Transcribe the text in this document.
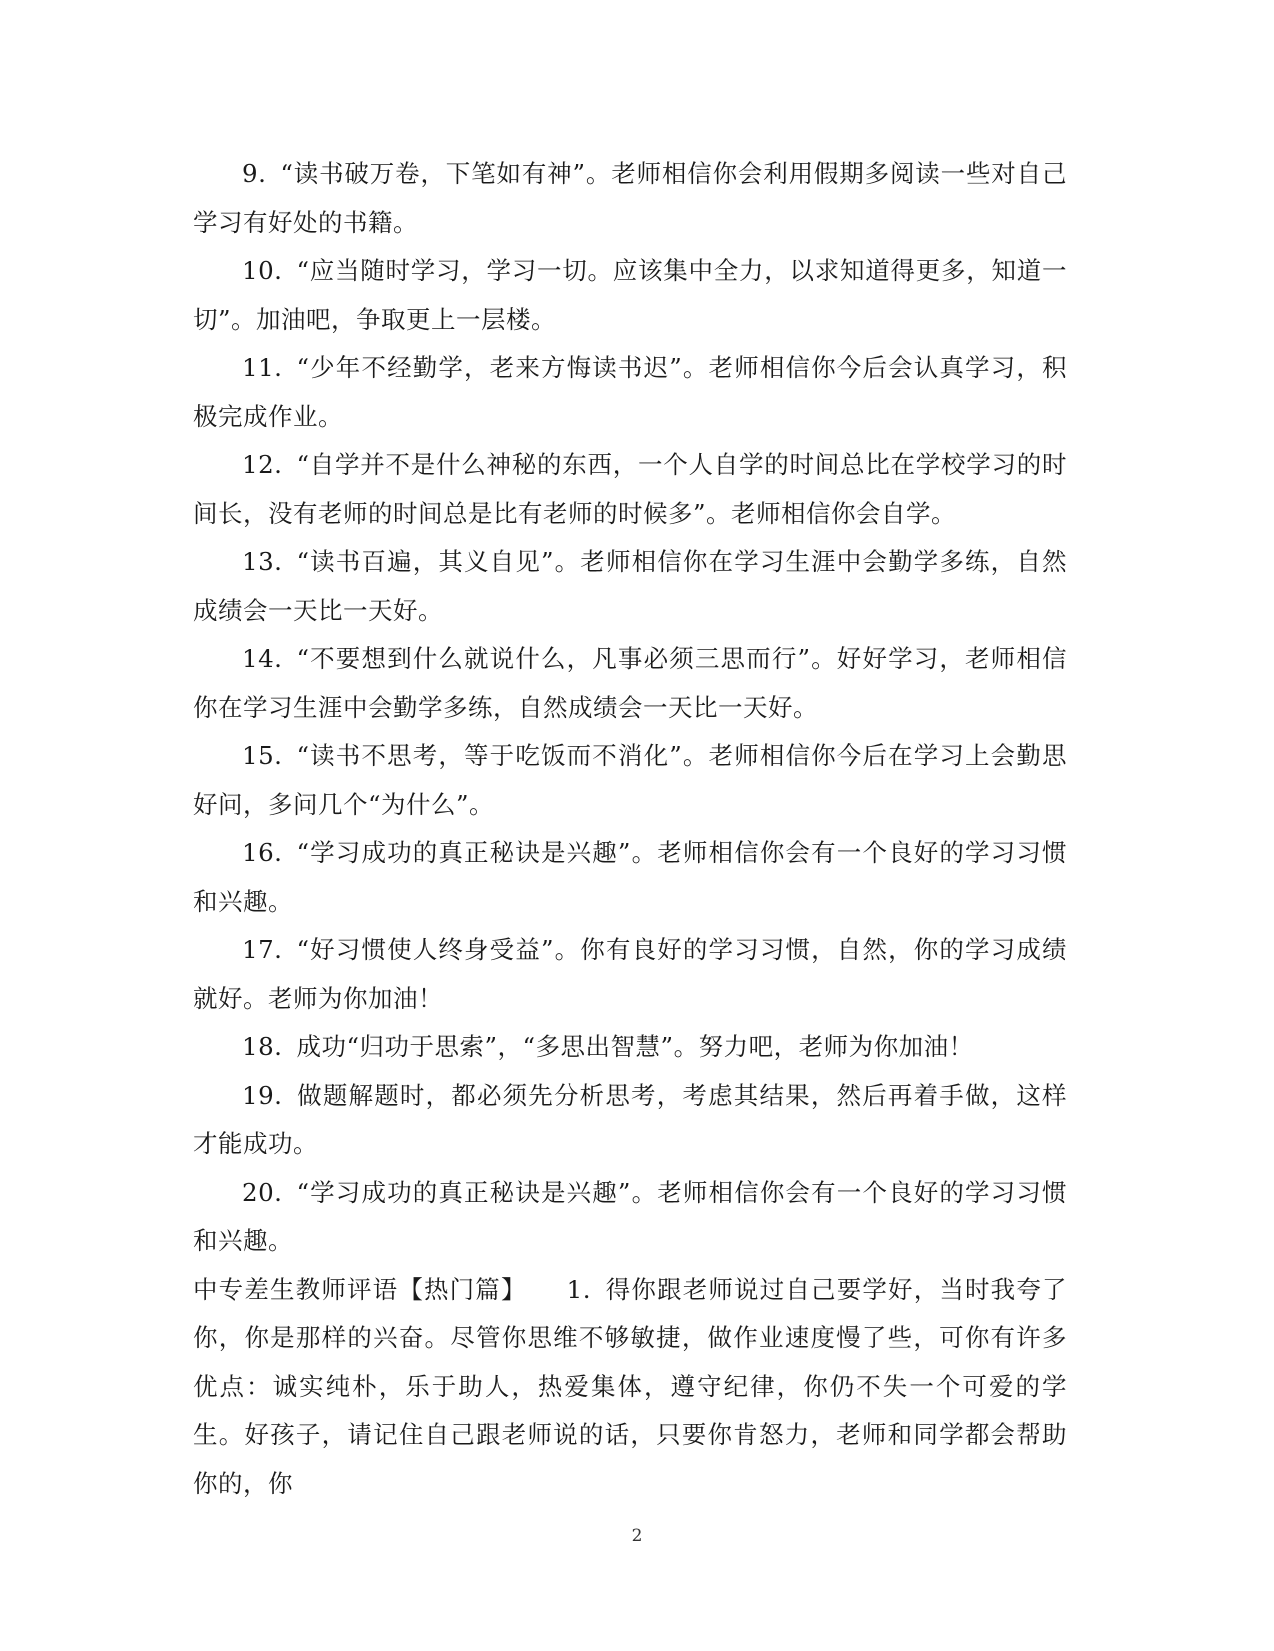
9. “读书破万卷，下笔如有神”。老师相信你会利用假期多阅读一些对自己学习有好处的书籍。

10. “应当随时学习，学习一切。应该集中全力，以求知道得更多，知道一切”。加油吧，争取更上一层楼。

11. “少年不经勤学，老来方悔读书迟”。老师相信你今后会认真学习，积极完成作业。

12. “自学并不是什么神秘的东西，一个人自学的时间总比在学校学习的时间长，没有老师的时间总是比有老师的时候多”。老师相信你会自学。

13. “读书百遍，其义自见”。老师相信你在学习生涯中会勤学多练，自然成绩会一天比一天好。

14. “不要想到什么就说什么，凡事必须三思而行”。好好学习，老师相信你在学习生涯中会勤学多练，自然成绩会一天比一天好。

15. “读书不思考，等于吃饭而不消化”。老师相信你今后在学习上会勤思好问，多问几个“为什么”。

16. “学习成功的真正秘诀是兴趣”。老师相信你会有一个良好的学习习惯和兴趣。

17. “好习惯使人终身受益”。你有良好的学习习惯，自然，你的学习成绩就好。老师为你加油！

18. 成功“归功于思索”，“多思出智慧”。努力吧，老师为你加油！

19. 做题解题时，都必须先分析思考，考虑其结果，然后再着手做，这样才能成功。

20. “学习成功的真正秘诀是兴趣”。老师相信你会有一个良好的学习习惯和兴趣。

中专差生教师评语【热门篇】 1. 得你跟老师说过自己要学好，当时我夸了你，你是那样的兴奋。尽管你思维不够敏捷，做作业速度慢了些，可你有许多优点：诚实纯朴，乐于助人，热爱集体，遵守纪律，你仍不失一个可爱的学生。好孩子，请记住自己跟老师说的话，只要你肯怒力，老师和同学都会帮助你的，你

2
